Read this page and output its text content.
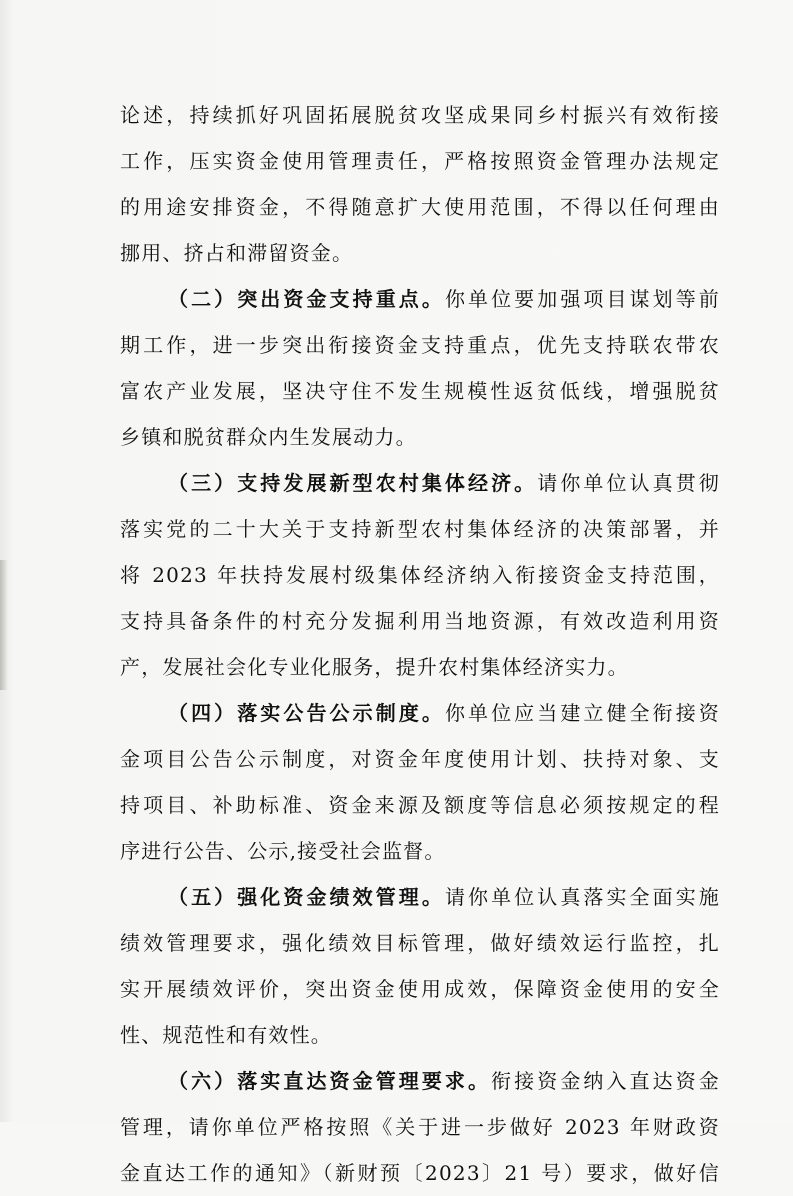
论述，持续抓好巩固拓展脱贫攻坚成果同乡村振兴有效衔接
工作，压实资金使用管理责任，严格按照资金管理办法规定
的用途安排资金，不得随意扩大使用范围，不得以任何理由
挪用、挤占和滞留资金。
（二）突出资金支持重点。你单位要加强项目谋划等前
期工作，进一步突出衔接资金支持重点，优先支持联农带农
富农产业发展，坚决守住不发生规模性返贫低线，增强脱贫
乡镇和脱贫群众内生发展动力。
（三）支持发展新型农村集体经济。请你单位认真贯彻
落实党的二十大关于支持新型农村集体经济的决策部署，并
将 2023 年扶持发展村级集体经济纳入衔接资金支持范围，
支持具备条件的村充分发掘利用当地资源，有效改造利用资
产，发展社会化专业化服务，提升农村集体经济实力。
（四）落实公告公示制度。你单位应当建立健全衔接资
金项目公告公示制度，对资金年度使用计划、扶持对象、支
持项目、补助标准、资金来源及额度等信息必须按规定的程
序进行公告、公示,接受社会监督。
（五）强化资金绩效管理。请你单位认真落实全面实施
绩效管理要求，强化绩效目标管理，做好绩效运行监控，扎
实开展绩效评价，突出资金使用成效，保障资金使用的安全
性、规范性和有效性。
（六）落实直达资金管理要求。衔接资金纳入直达资金
管理，请你单位严格按照《关于进一步做好 2023 年财政资
金直达工作的通知》（新财预〔2023〕21 号）要求，做好信
